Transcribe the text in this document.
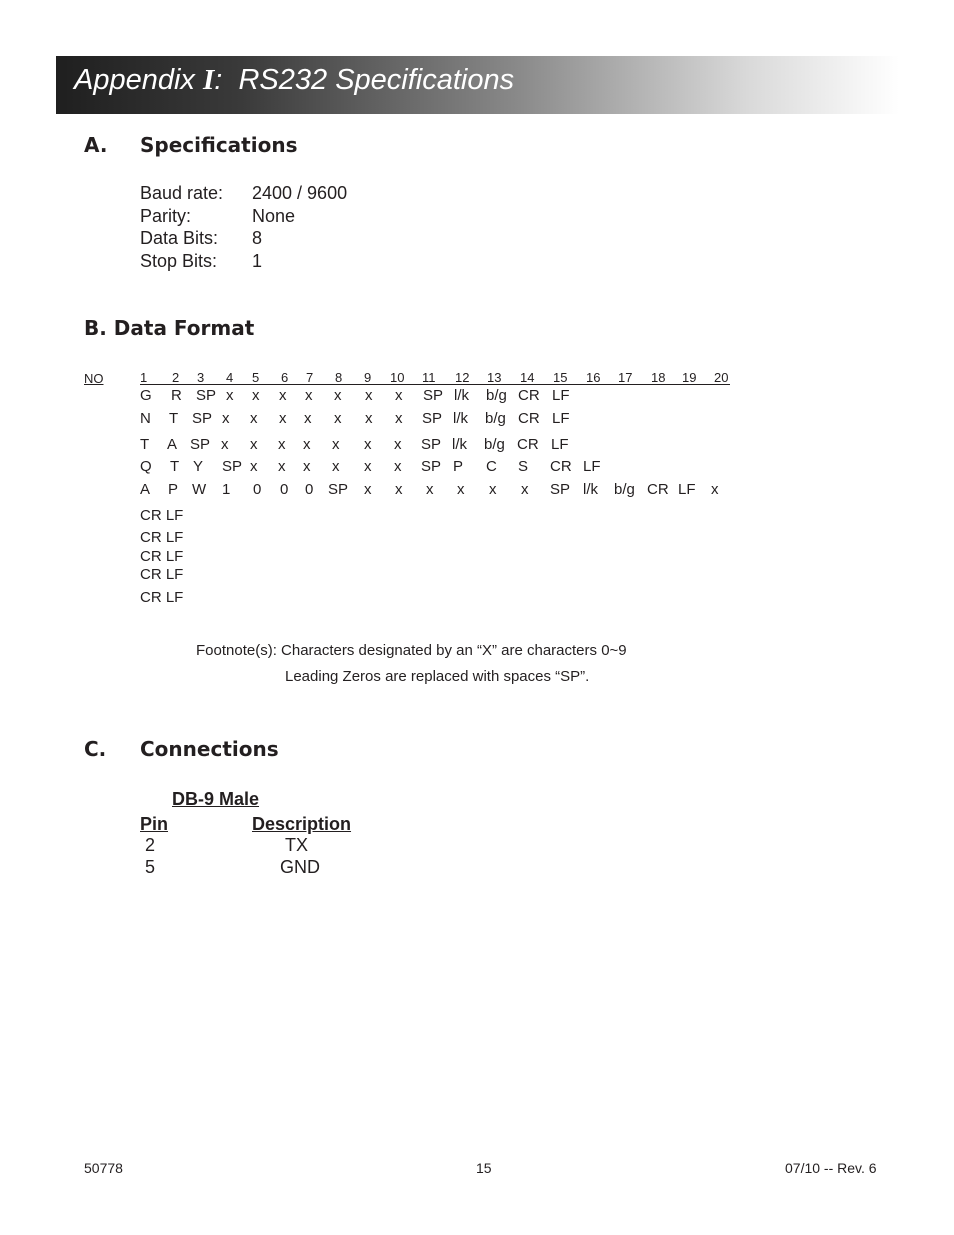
Appendix I:  RS232 Specifications
A. Specifications
Baud rate: 2400 / 9600
Parity:	None
Data Bits: 8
Stop Bits: 1
B. Data Format
NO	1 2 3 4 5 6 7 8 9 10 11 12 13 14 15 16 17 18 19 20
G R SP x x x x x x x SP l/k b/g CR LF
N T SP x x x x x x x SP l/k b/g CR LF
T A SP x x x x x x x SP l/k b/g CR LF
Q T Y SP x x x x x x SP P C S CR LF
A P W 1 0 0 0 SP x x x x x x SP l/k b/g CR LF x
CR LF
CR LF
CR LF
CR LF
CR LF
Footnote(s): Characters designated by an “X” are characters 0~9
Leading Zeros are replaced with spaces “SP”.
C. Connections
DB-9 Male
Pin	Description
2	TX
5	GND
50778	15	07/10 -- Rev. 6
